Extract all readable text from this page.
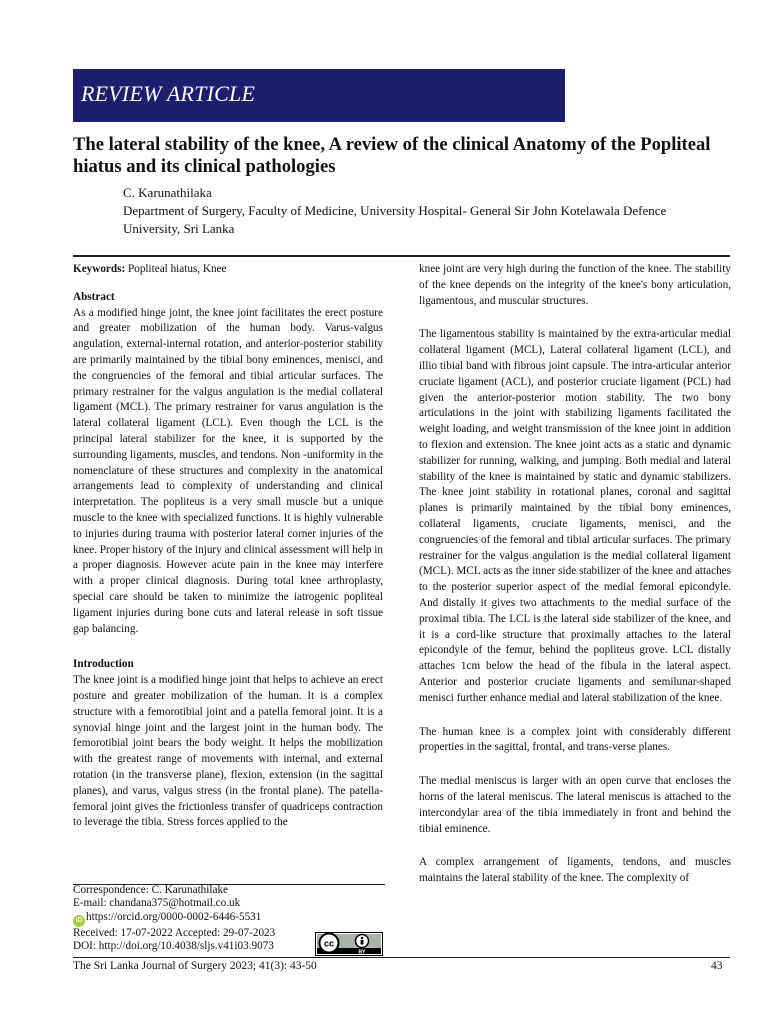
REVIEW ARTICLE
The lateral stability of the knee, A review of the clinical Anatomy of the Popliteal hiatus and its clinical pathologies
C. Karunathilaka
Department of Surgery, Faculty of Medicine, University Hospital- General Sir John Kotelawala Defence
University, Sri Lanka

Keywords: Popliteal hiatus, Knee

Abstract

As a modified hinge joint, the knee joint facilitates the erect posture and greater mobilization of the human body. Varus-valgus angulation, external-internal rotation, and anterior-posterior stability are primarily maintained by the tibial bony eminences, menisci, and the congruencies of the femoral and tibial articular surfaces. The primary restrainer for the valgus angulation is the medial collateral ligament (MCL). The primary restrainer for varus angulation is the lateral collateral ligament (LCL). Even though the LCL is the principal lateral stabilizer for the knee, it is supported by the surrounding ligaments, muscles, and tendons. Non -uniformity in the nomenclature of these structures and complexity in the anatomical arrangements lead to complexity of understanding and clinical interpretation. The popliteus is a very small muscle but a unique muscle to the knee with specialized functions. It is highly vulnerable to injuries during trauma with posterior lateral corner injuries of the knee. Proper history of the injury and clinical assessment will help in a proper diagnosis. However acute pain in the knee may interfere with a proper clinical diagnosis. During total knee arthroplasty, special care should be taken to minimize the iatrogenic popliteal ligament injuries during bone cuts and lateral release in soft tissue gap balancing.

Introduction

The knee joint is a modified hinge joint that helps to achieve an erect posture and greater mobilization of the human. It is a complex structure with a femorotibial joint and a patella femoral joint. It is a synovial hinge joint and the largest joint in the human body. The femorotibial joint bears the body weight. It helps the mobilization with the greatest range of movements with internal, and external rotation (in the transverse plane), flexion, extension (in the sagittal planes), and varus, valgus stress (in the frontal plane). The patella-femoral joint gives the frictionless transfer of quadriceps contraction to leverage the tibia. Stress forces applied to the

knee joint are very high during the function of the knee. The stability of the knee depends on the integrity of the knee's bony articulation, ligamentous, and muscular structures.

The ligamentous stability is maintained by the extra-articular medial collateral ligament (MCL), Lateral collateral ligament (LCL), and illio tibial band with fibrous joint capsule. The intra-articular anterior cruciate ligament (ACL), and posterior cruciate ligament (PCL) had given the anterior-posterior motion stability. The two bony articulations in the joint with stabilizing ligaments facilitated the weight loading, and weight transmission of the knee joint in addition to flexion and extension. The knee joint acts as a static and dynamic stabilizer for running, walking, and jumping. Both medial and lateral stability of the knee is maintained by static and dynamic stabilizers. The knee joint stability in rotational planes, coronal and sagittal planes is primarily maintained by the tibial bony eminences, collateral ligaments, cruciate ligaments, menisci, and the congruencies of the femoral and tibial articular surfaces. The primary restrainer for the valgus angulation is the medial collateral ligament (MCL). MCL acts as the inner side stabilizer of the knee and attaches to the posterior superior aspect of the medial femoral epicondyle. And distally it gives two attachments to the medial surface of the proximal tibia. The LCL is the lateral side stabilizer of the knee, and it is a cord-like structure that proximally attaches to the lateral epicondyle of the femur, behind the popliteus grove. LCL distally attaches 1cm below the head of the fibula in the lateral aspect. Anterior and posterior cruciate ligaments and semilunar-shaped menisci further enhance medial and lateral stabilization of the knee.

The human knee is a complex joint with considerably different properties in the sagittal, frontal, and trans-verse planes.

The medial meniscus is larger with an open curve that encloses the horns of the lateral meniscus. The lateral meniscus is attached to the intercondylar area of the tibia immediately in front and behind the tibial eminence.

A complex arrangement of ligaments, tendons, and muscles maintains the lateral stability of the knee. The complexity of

Correspondence: C. Karunathilake
E-mail: chandana375@hotmail.co.uk
iD https://orcid.org/0000-0002-6446-5531
Received: 17-07-2022 Accepted: 29-07-2023
DOI: http://doi.org/10.4038/sljs.v41i03.9073	cc
BY
The Sri Lanka Journal of Surgery 2023; 41(3): 43-50	43
